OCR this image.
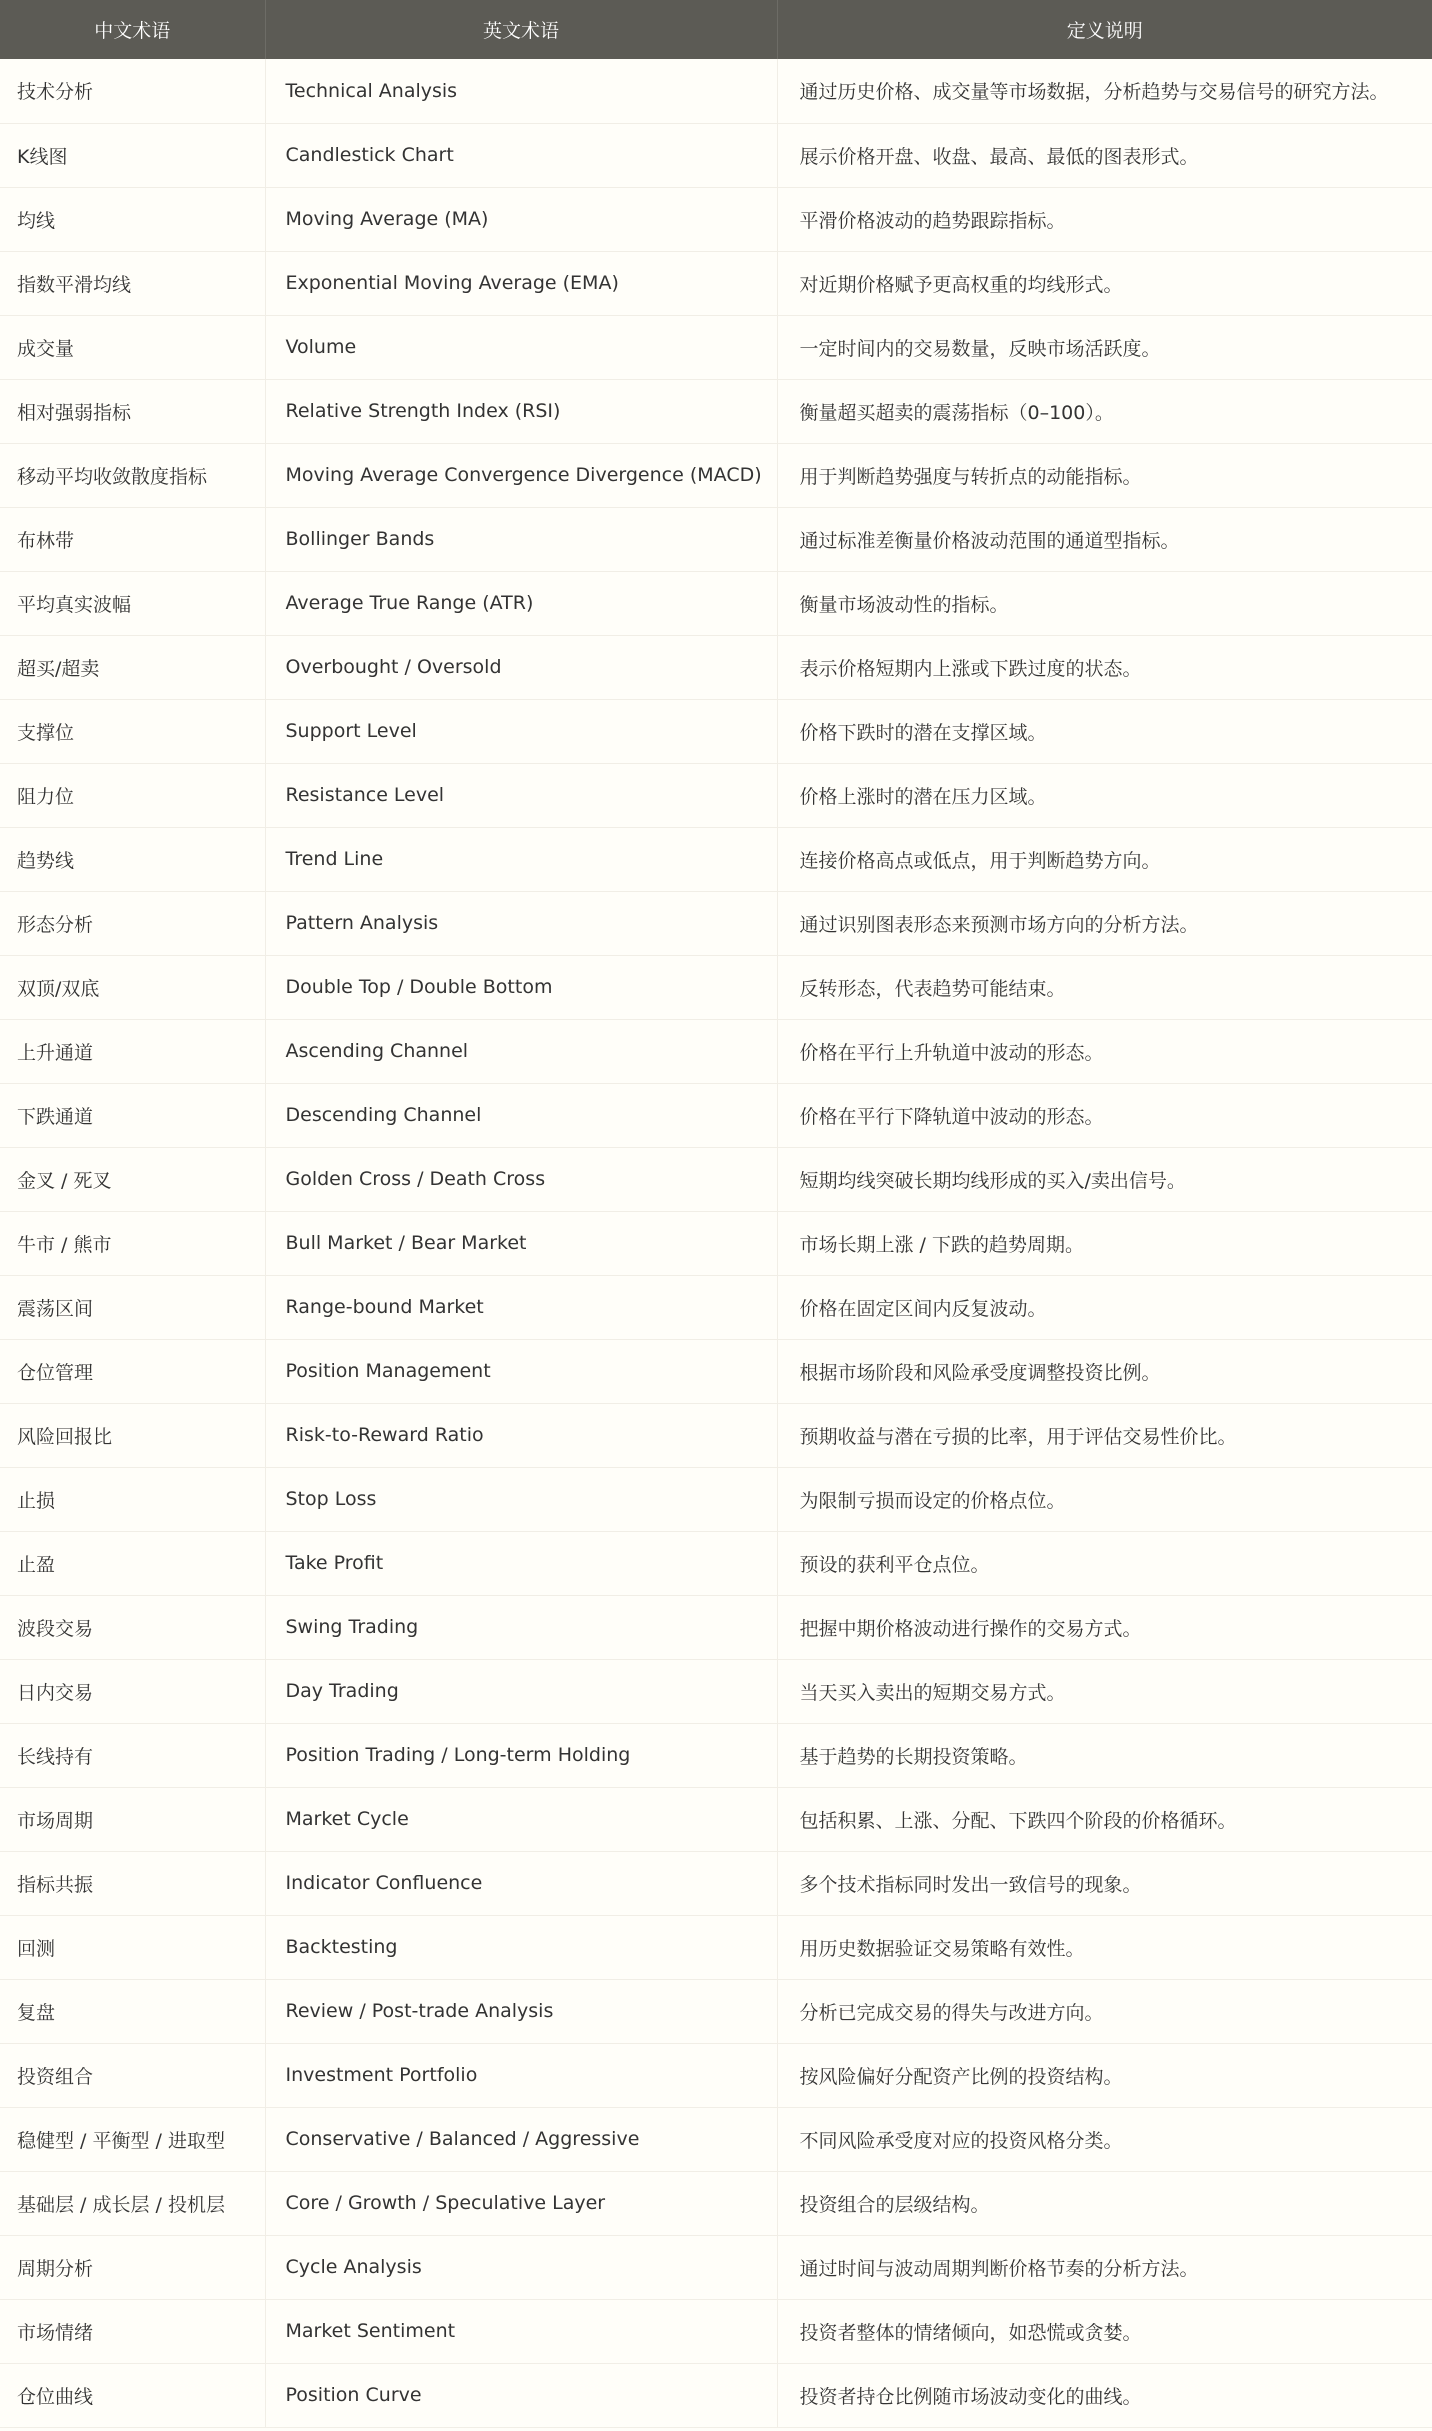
中文术语	英文术语	定义说明
技术分析	Technical Analysis	通过历史价格、成交量等市场数据，分析趋势与交易信号的研究方法。
K线图	Candlestick Chart	展示价格开盘、收盘、最高、最低的图表形式。
均线	Moving Average (MA)	平滑价格波动的趋势跟踪指标。
指数平滑均线	Exponential Moving Average (EMA)	对近期价格赋予更高权重的均线形式。
成交量	Volume	一定时间内的交易数量，反映市场活跃度。
相对强弱指标	Relative Strength Index (RSI)	衡量超买超卖的震荡指标（0–100）。
移动平均收敛散度指标	Moving Average Convergence Divergence (MACD)	用于判断趋势强度与转折点的动能指标。
布林带	Bollinger Bands	通过标准差衡量价格波动范围的通道型指标。
平均真实波幅	Average True Range (ATR)	衡量市场波动性的指标。
超买/超卖	Overbought / Oversold	表示价格短期内上涨或下跌过度的状态。
支撑位	Support Level	价格下跌时的潜在支撑区域。
阻力位	Resistance Level	价格上涨时的潜在压力区域。
趋势线	Trend Line	连接价格高点或低点，用于判断趋势方向。
形态分析	Pattern Analysis	通过识别图表形态来预测市场方向的分析方法。
双顶/双底	Double Top / Double Bottom	反转形态，代表趋势可能结束。
上升通道	Ascending Channel	价格在平行上升轨道中波动的形态。
下跌通道	Descending Channel	价格在平行下降轨道中波动的形态。
金叉 / 死叉	Golden Cross / Death Cross	短期均线突破长期均线形成的买入/卖出信号。
牛市 / 熊市	Bull Market / Bear Market	市场长期上涨 / 下跌的趋势周期。
震荡区间	Range-bound Market	价格在固定区间内反复波动。
仓位管理	Position Management	根据市场阶段和风险承受度调整投资比例。
风险回报比	Risk-to-Reward Ratio	预期收益与潜在亏损的比率，用于评估交易性价比。
止损	Stop Loss	为限制亏损而设定的价格点位。
止盈	Take Profit	预设的获利平仓点位。
波段交易	Swing Trading	把握中期价格波动进行操作的交易方式。
日内交易	Day Trading	当天买入卖出的短期交易方式。
长线持有	Position Trading / Long-term Holding	基于趋势的长期投资策略。
市场周期	Market Cycle	包括积累、上涨、分配、下跌四个阶段的价格循环。
指标共振	Indicator Confluence	多个技术指标同时发出一致信号的现象。
回测	Backtesting	用历史数据验证交易策略有效性。
复盘	Review / Post-trade Analysis	分析已完成交易的得失与改进方向。
投资组合	Investment Portfolio	按风险偏好分配资产比例的投资结构。
稳健型 / 平衡型 / 进取型	Conservative / Balanced / Aggressive	不同风险承受度对应的投资风格分类。
基础层 / 成长层 / 投机层	Core / Growth / Speculative Layer	投资组合的层级结构。
周期分析	Cycle Analysis	通过时间与波动周期判断价格节奏的分析方法。
市场情绪	Market Sentiment	投资者整体的情绪倾向，如恐慌或贪婪。
仓位曲线	Position Curve	投资者持仓比例随市场波动变化的曲线。
